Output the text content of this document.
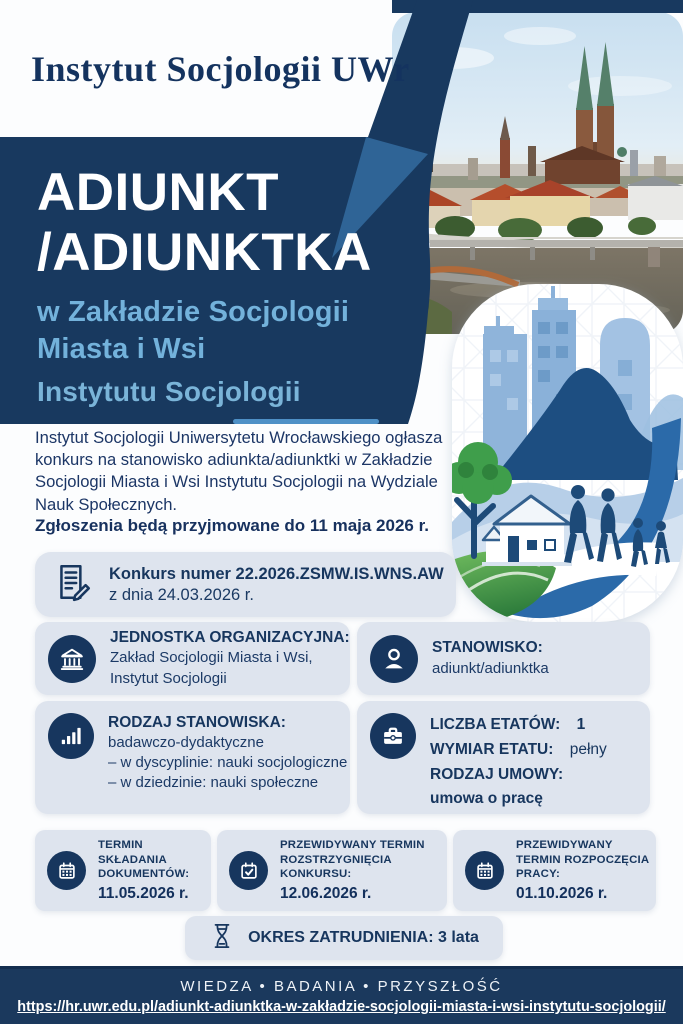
Instytut Socjologii UWr
ADIUNKT
/ADIUNKTKA
w Zakładzie Socjologii
Miasta i Wsi
Instytutu Socjologii

Instytut Socjologii Uniwersytetu Wrocławskiego ogłasza konkurs na stanowisko adiunkta/adiunktki w Zakładzie Socjologii Miasta i Wsi Instytutu Socjologii na Wydziale Nauk Społecznych.

Zgłoszenia będą przyjmowane do 11 maja 2026 r.

Konkurs numer 22.2026.ZSMW.IS.WNS.AW
z dnia 24.03.2026 r.
JEDNOSTKA ORGANIZACYJNA:
Zakład Socjologii Miasta i Wsi,
Instytut Socjologii
STANOWISKO:
adiunkt/adiunktka
RODZAJ STANOWISKA:
badawczo-dydaktyczne
– w dyscyplinie: nauki socjologiczne
– w dziedzinie: nauki społeczne
LICZBA ETATÓW: 1
WYMIAR ETATU: pełny
RODZAJ UMOWY:
umowa o pracę
TERMIN SKŁADANIA DOKUMENTÓW:
11.05.2026 r.
PRZEWIDYWANY TERMIN ROZSTRZYGNIĘCIA KONKURSU:
12.06.2026 r.
PRZEWIDYWANY TERMIN ROZPOCZĘCIA PRACY:
01.10.2026 r.
OKRES ZATRUDNIENIA: 3 lata
WIEDZA • BADANIA • PRZYSZŁOŚĆ
https://hr.uwr.edu.pl/adiunkt-adiunktka-w-zakładzie-socjologii-miasta-i-wsi-instytutu-socjologii/
